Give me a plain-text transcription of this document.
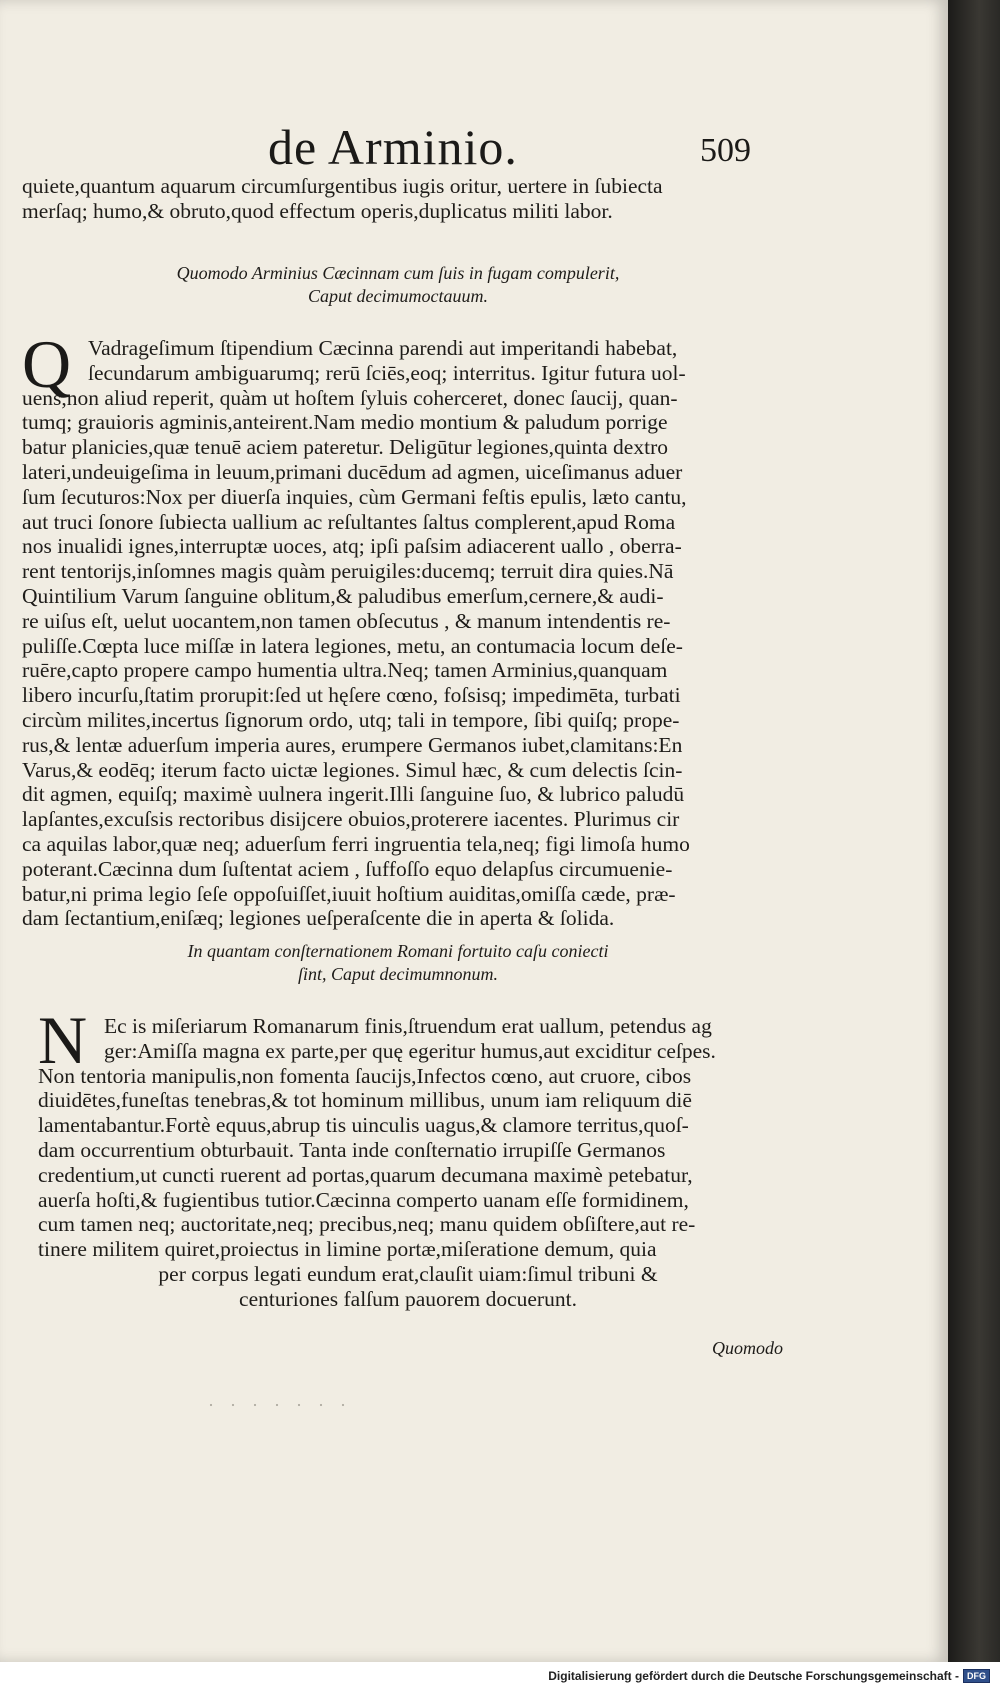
de Arminio.	509
quiete,quantum aquarum circumſurgentibus iugis oritur, uertere in ſubiecta
merſaq; humo,& obruto,quod effectum operis,duplicatus militi labor.
Quomodo Arminius Cæcinnam cum ſuis in fugam compulerit,
Caput decimumoctauum.
Q Vadrageſimum ſtipendium Cæcinna parendi aut imperitandi habebat,
ſecundarum ambiguarumq; rerū ſciēs,eoq; interritus. Igitur futura uol-
uens,non aliud reperit, quàm ut hoſtem ſyluis coherceret, donec ſaucij, quan-
tumq; grauioris agminis,anteirent.Nam medio montium & paludum porrige
batur planicies,quæ tenuē aciem pateretur. Deligūtur legiones,quinta dextro
lateri,undeuigeſima in leuum,primani ducēdum ad agmen, uiceſimanus aduer
ſum ſecuturos:Nox per diuerſa inquies, cùm Germani feſtis epulis, læto cantu,
aut truci ſonore ſubiecta uallium ac reſultantes ſaltus complerent,apud Roma
nos inualidi ignes,interruptæ uoces, atq; ipſi paſsim adiacerent uallo , oberra-
rent tentorijs,inſomnes magis quàm peruigiles:ducemq; terruit dira quies.Nā
Quintilium Varum ſanguine oblitum,& paludibus emerſum,cernere,& audi-
re uiſus eſt, uelut uocantem,non tamen obſecutus , & manum intendentis re-
puliſſe.Cœpta luce miſſæ in latera legiones, metu, an contumacia locum deſe-
ruēre,capto propere campo humentia ultra.Neq; tamen Arminius,quanquam
libero incurſu,ſtatim prorupit:ſed ut hęſere cœno, foſsisq; impedimēta, turbati
circùm milites,incertus ſignorum ordo, utq; tali in tempore, ſibi quiſq; prope-
rus,& lentæ aduerſum imperia aures, erumpere Germanos iubet,clamitans:En
Varus,& eodēq; iterum facto uictæ legiones. Simul hæc, & cum delectis ſcin-
dit agmen, equiſq; maximè uulnera ingerit.Illi ſanguine ſuo, & lubrico paludū
lapſantes,excuſsis rectoribus disijcere obuios,proterere iacentes. Plurimus cir
ca aquilas labor,quæ neq; aduerſum ferri ingruentia tela,neq; figi limoſa humo
poterant.Cæcinna dum ſuſtentat aciem , ſuffoſſo equo delapſus circumuenie-
batur,ni prima legio ſeſe oppoſuiſſet,iuuit hoſtium auiditas,omiſſa cæde, præ-
dam ſectantium,eniſæq; legiones ueſperaſcente die in aperta & ſolida.
In quantam conſternationem Romani fortuito caſu coniecti
ſint, Caput decimumnonum.
N Ec is miſeriarum Romanarum finis,ſtruendum erat uallum, petendus ag
ger:Amiſſa magna ex parte,per quę egeritur humus,aut exciditur ceſpes.
Non tentoria manipulis,non fomenta ſaucijs,Infectos cœno, aut cruore, cibos
diuidētes,funeſtas tenebras,& tot hominum millibus, unum iam reliquum diē
lamentabantur.Fortè equus,abrup tis uinculis uagus,& clamore territus,quoſ-
dam occurrentium obturbauit. Tanta inde conſternatio irrupiſſe Germanos
credentium,ut cuncti ruerent ad portas,quarum decumana maximè petebatur,
auerſa hoſti,& fugientibus tutior.Cæcinna comperto uanam eſſe formidinem,
cum tamen neq; auctoritate,neq; precibus,neq; manu quidem obſiſtere,aut re-
tinere militem quiret,proiectus in limine portæ,miſeratione demum, quia
per corpus legati eundum erat,clauſit uiam:ſimul tribuni &
centuriones falſum pauorem docuerunt.
Quomodo
Digitalisierung gefördert durch die Deutsche Forschungsgemeinschaft - DFG
